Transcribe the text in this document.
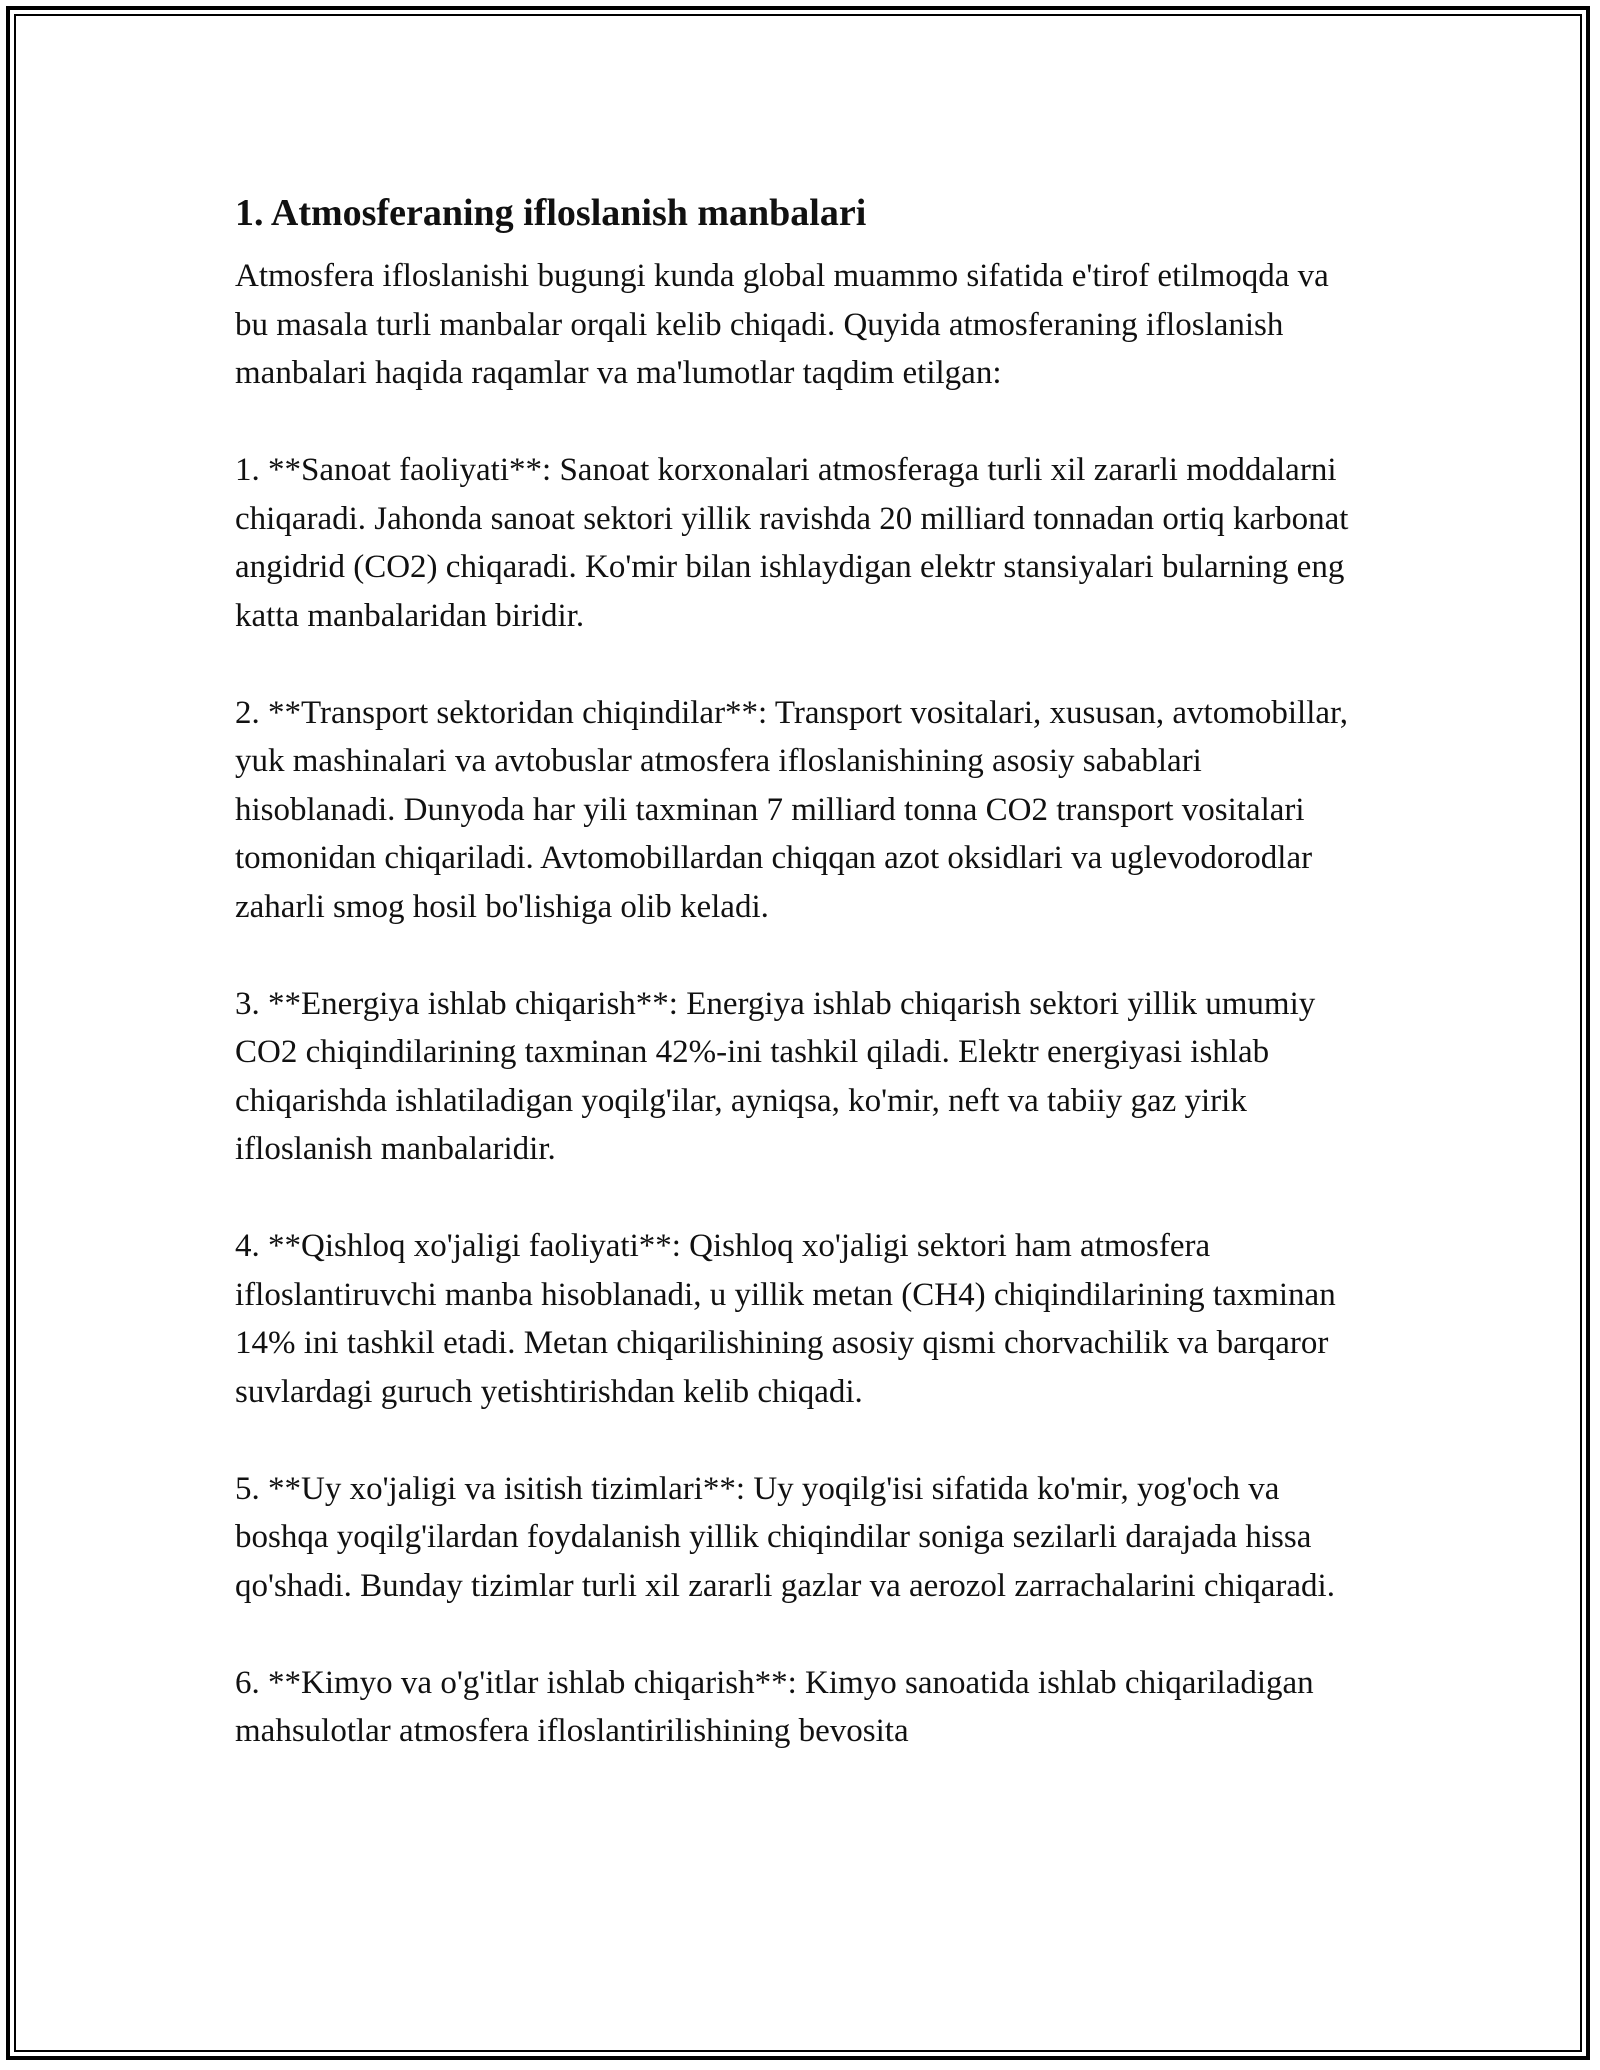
1. Atmosferaning ifloslanish manbalari

Atmosfera ifloslanishi bugungi kunda global muammo sifatida e'tirof etilmoqda va bu masala turli manbalar orqali kelib chiqadi. Quyida atmosferaning ifloslanish manbalari haqida raqamlar va ma'lumotlar taqdim etilgan:

1. **Sanoat faoliyati**: Sanoat korxonalari atmosferaga turli xil zararli moddalarni chiqaradi. Jahonda sanoat sektori yillik ravishda 20 milliard tonnadan ortiq karbonat angidrid (CO2) chiqaradi. Ko'mir bilan ishlaydigan elektr stansiyalari bularning eng katta manbalaridan biridir.

2. **Transport sektoridan chiqindilar**: Transport vositalari, xususan, avtomobillar, yuk mashinalari va avtobuslar atmosfera ifloslanishining asosiy sabablari hisoblanadi. Dunyoda har yili taxminan 7 milliard tonna CO2 transport vositalari tomonidan chiqariladi. Avtomobillardan chiqqan azot oksidlari va uglevodorodlar zaharli smog hosil bo'lishiga olib keladi.

3. **Energiya ishlab chiqarish**: Energiya ishlab chiqarish sektori yillik umumiy CO2 chiqindilarining taxminan 42%-ini tashkil qiladi. Elektr energiyasi ishlab chiqarishda ishlatiladigan yoqilg'ilar, ayniqsa, ko'mir, neft va tabiiy gaz yirik ifloslanish manbalaridir.

4. **Qishloq xo'jaligi faoliyati**: Qishloq xo'jaligi sektori ham atmosfera ifloslantiruvchi manba hisoblanadi, u yillik metan (CH4) chiqindilarining taxminan 14% ini tashkil etadi. Metan chiqarilishining asosiy qismi chorvachilik va barqaror suvlardagi guruch yetishtirishdan kelib chiqadi.

5. **Uy xo'jaligi va isitish tizimlari**: Uy yoqilg'isi sifatida ko'mir, yog'och va boshqa yoqilg'ilardan foydalanish yillik chiqindilar soniga sezilarli darajada hissa qo'shadi. Bunday tizimlar turli xil zararli gazlar va aerozol zarrachalarini chiqaradi.

6. **Kimyo va o'g'itlar ishlab chiqarish**: Kimyo sanoatida ishlab chiqariladigan mahsulotlar atmosfera ifloslantirilishining bevosita
